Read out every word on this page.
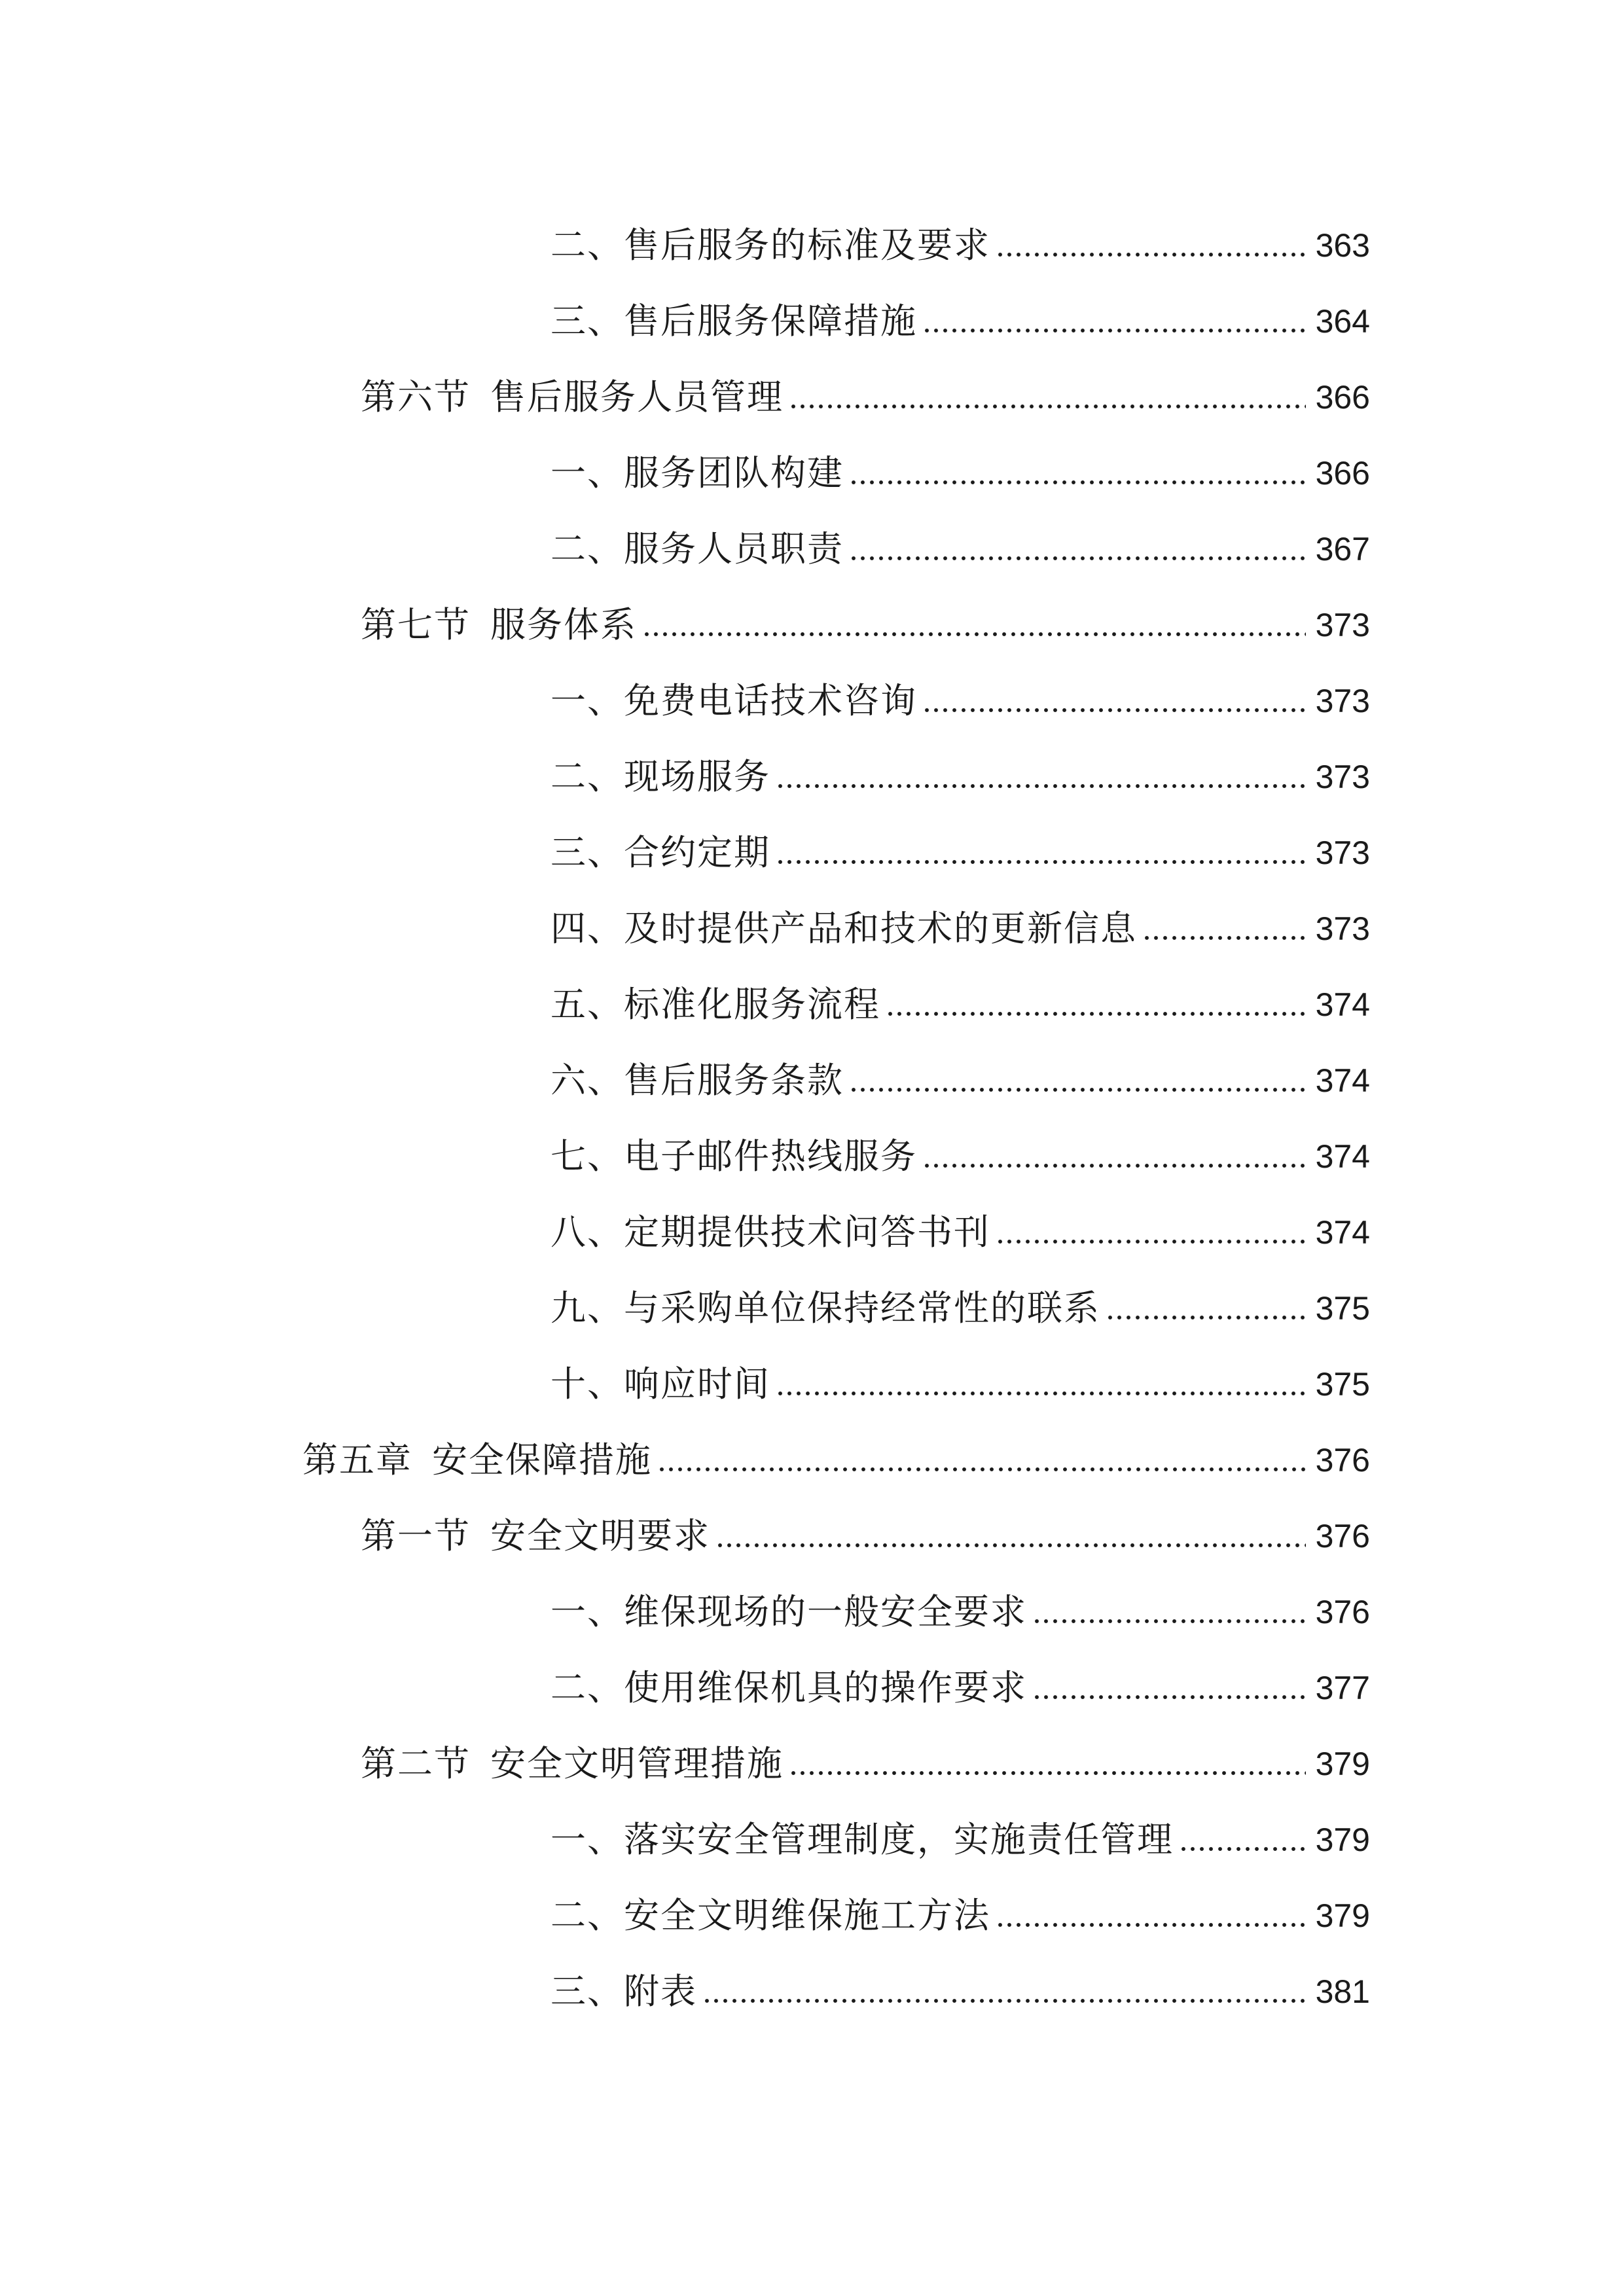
二、售后服务的标准及要求	363
三、售后服务保障措施	364
第六节 售后服务人员管理	366
一、服务团队构建	366
二、服务人员职责	367
第七节 服务体系	373
一、免费电话技术咨询	373
二、现场服务	373
三、合约定期	373
四、及时提供产品和技术的更新信息	373
五、标准化服务流程	374
六、售后服务条款	374
七、电子邮件热线服务	374
八、定期提供技术问答书刊	374
九、与采购单位保持经常性的联系	375
十、响应时间	375
第五章 安全保障措施	376
第一节 安全文明要求	376
一、维保现场的一般安全要求	376
二、使用维保机具的操作要求	377
第二节 安全文明管理措施	379
一、落实安全管理制度，实施责任管理	379
二、安全文明维保施工方法	379
三、附表	381
